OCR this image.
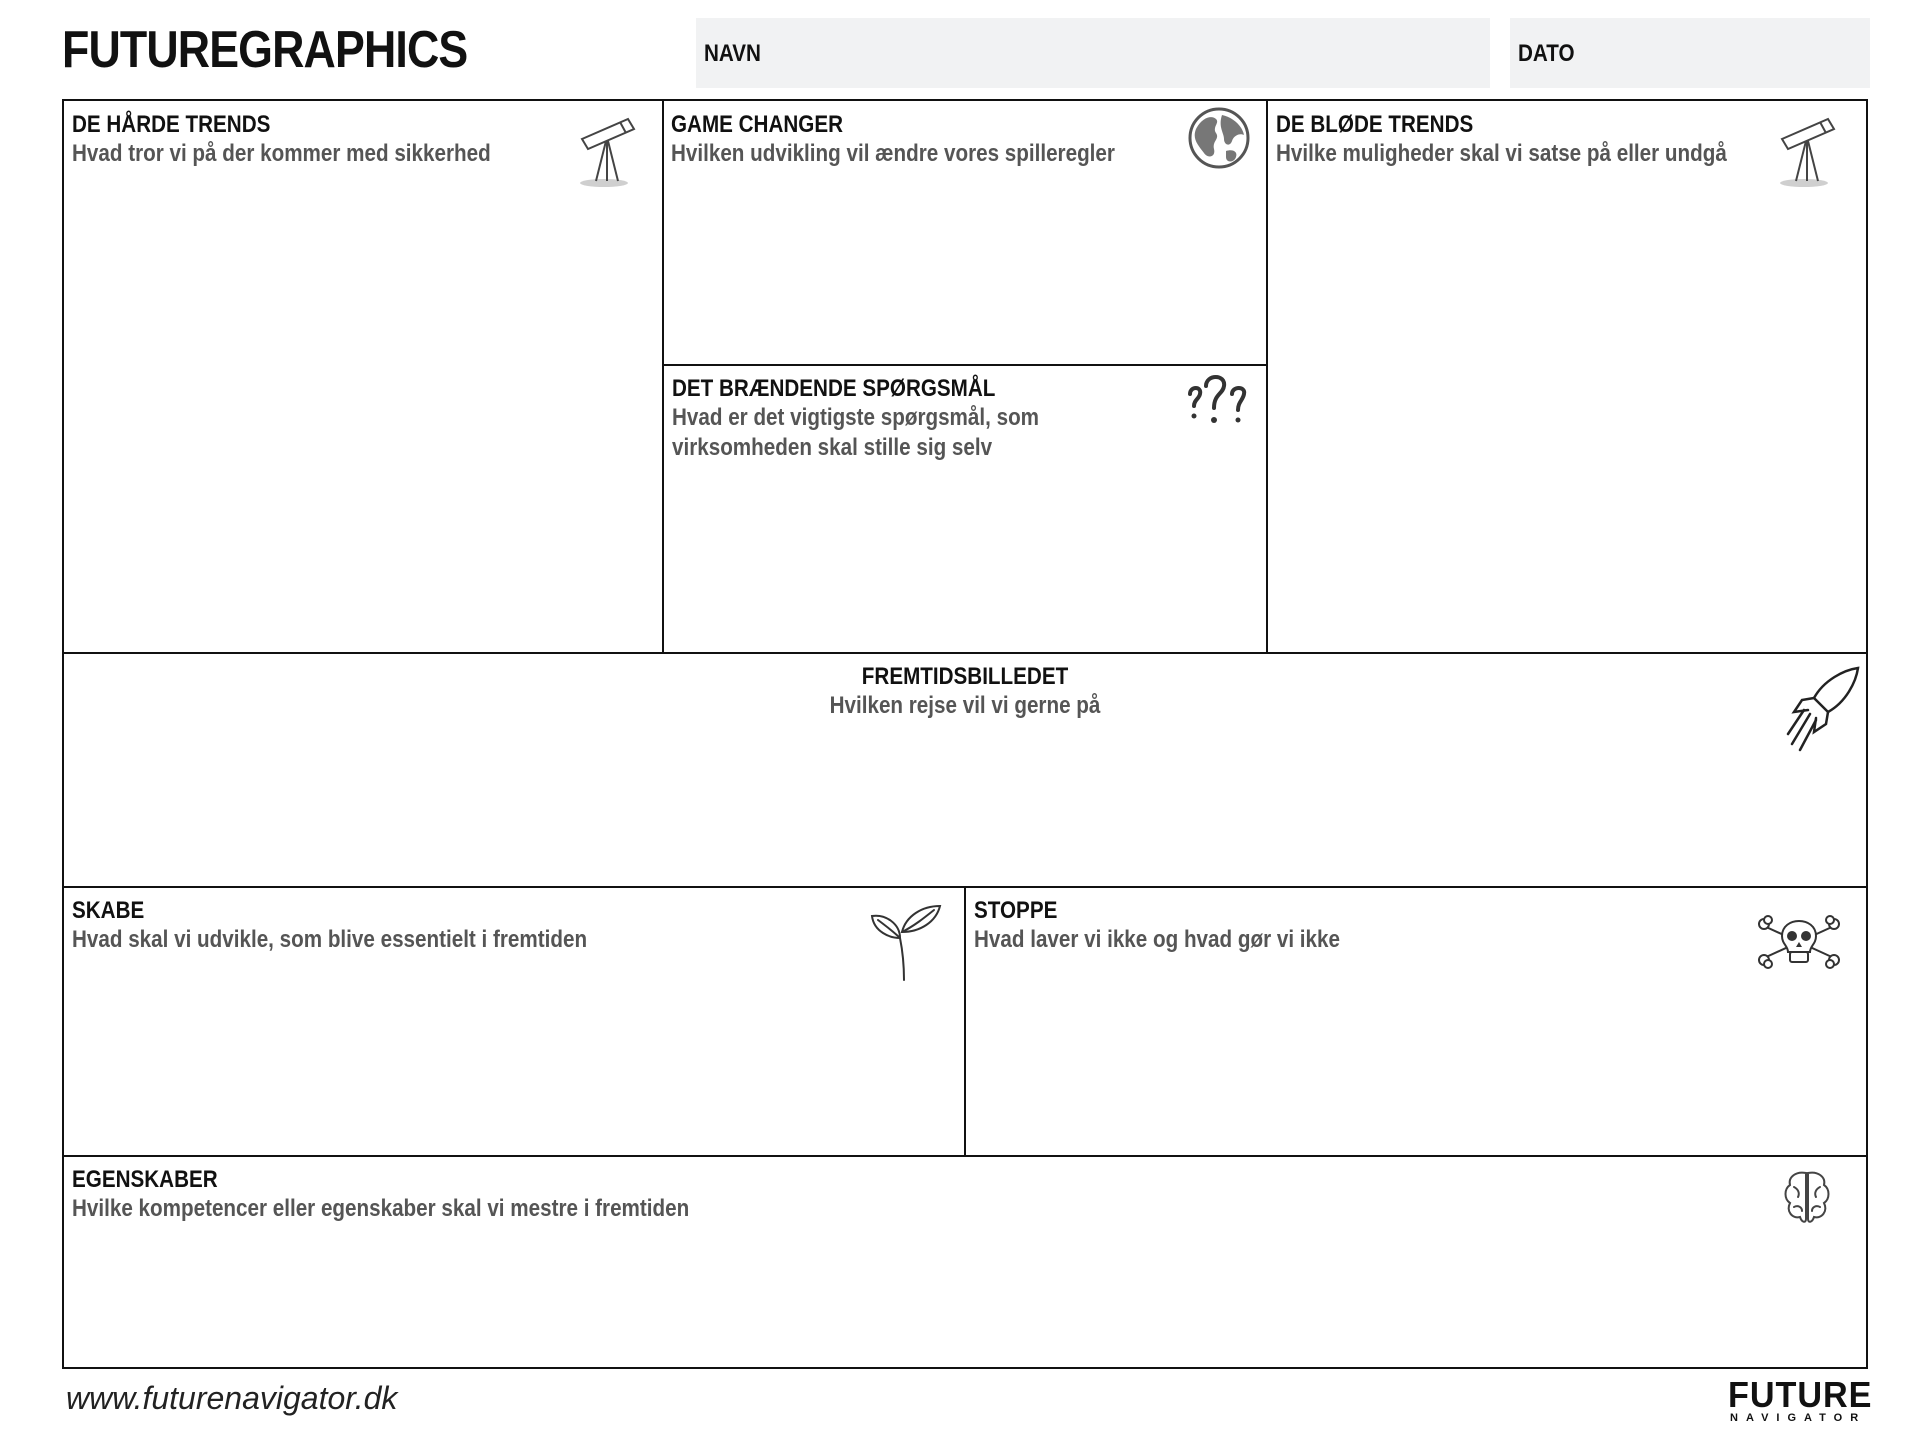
FUTUREGRAPHICS	NAVN	DATO
DE HÅRDE TRENDS
Hvad tror vi på der kommer med sikkerhed
GAME CHANGER
Hvilken udvikling vil ændre vores spilleregler
DE BLØDE TRENDS
Hvilke muligheder skal vi satse på eller undgå
DET BRÆNDENDE SPØRGSMÅL
Hvad er det vigtigste spørgsmål, som
virksomheden skal stille sig selv
FREMTIDSBILLEDET
Hvilken rejse vil vi gerne på
SKABE
Hvad skal vi udvikle, som blive essentielt i fremtiden
STOPPE
Hvad laver vi ikke og hvad gør vi ikke
EGENSKABER
Hvilke kompetencer eller egenskaber skal vi mestre i fremtiden
www.futurenavigator.dk	FUTURE
NAVIGATOR
